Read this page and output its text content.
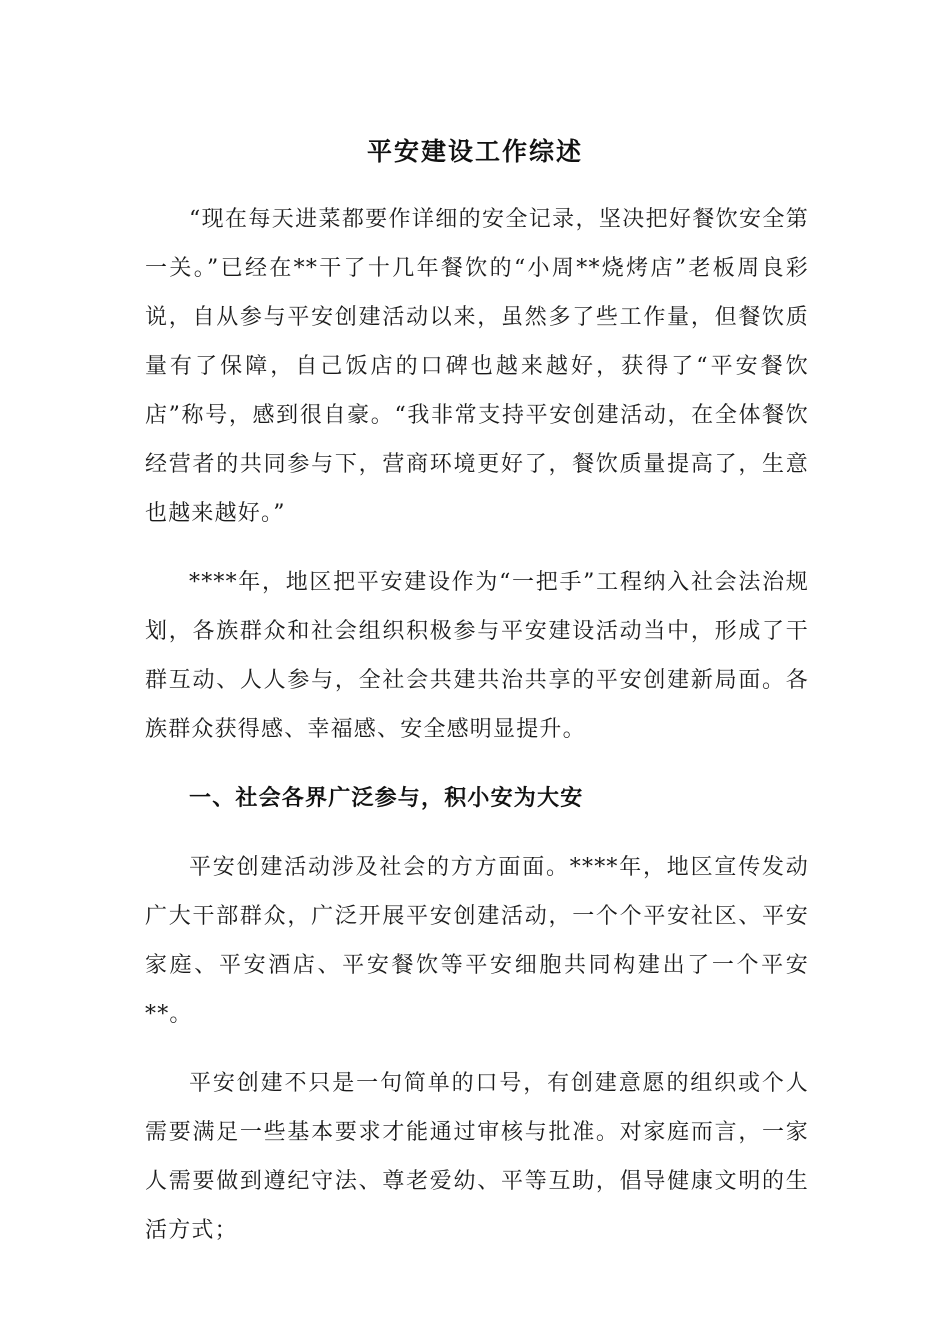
平安建设工作综述

“现在每天进菜都要作详细的安全记录，坚决把好餐饮安全第一关。”已经在**干了十几年餐饮的“小周**烧烤店”老板周良彩说，自从参与平安创建活动以来，虽然多了些工作量，但餐饮质量有了保障，自己饭店的口碑也越来越好，获得了“平安餐饮店”称号，感到很自豪。“我非常支持平安创建活动，在全体餐饮经营者的共同参与下，营商环境更好了，餐饮质量提高了，生意也越来越好。”

****年，地区把平安建设作为“一把手”工程纳入社会法治规划，各族群众和社会组织积极参与平安建设活动当中，形成了干群互动、人人参与，全社会共建共治共享的平安创建新局面。各族群众获得感、幸福感、安全感明显提升。

一、社会各界广泛参与，积小安为大安

平安创建活动涉及社会的方方面面。****年，地区宣传发动广大干部群众，广泛开展平安创建活动，一个个平安社区、平安家庭、平安酒店、平安餐饮等平安细胞共同构建出了一个平安**。

平安创建不只是一句简单的口号，有创建意愿的组织或个人需要满足一些基本要求才能通过审核与批准。对家庭而言，一家人需要做到遵纪守法、尊老爱幼、平等互助，倡导健康文明的生活方式；
